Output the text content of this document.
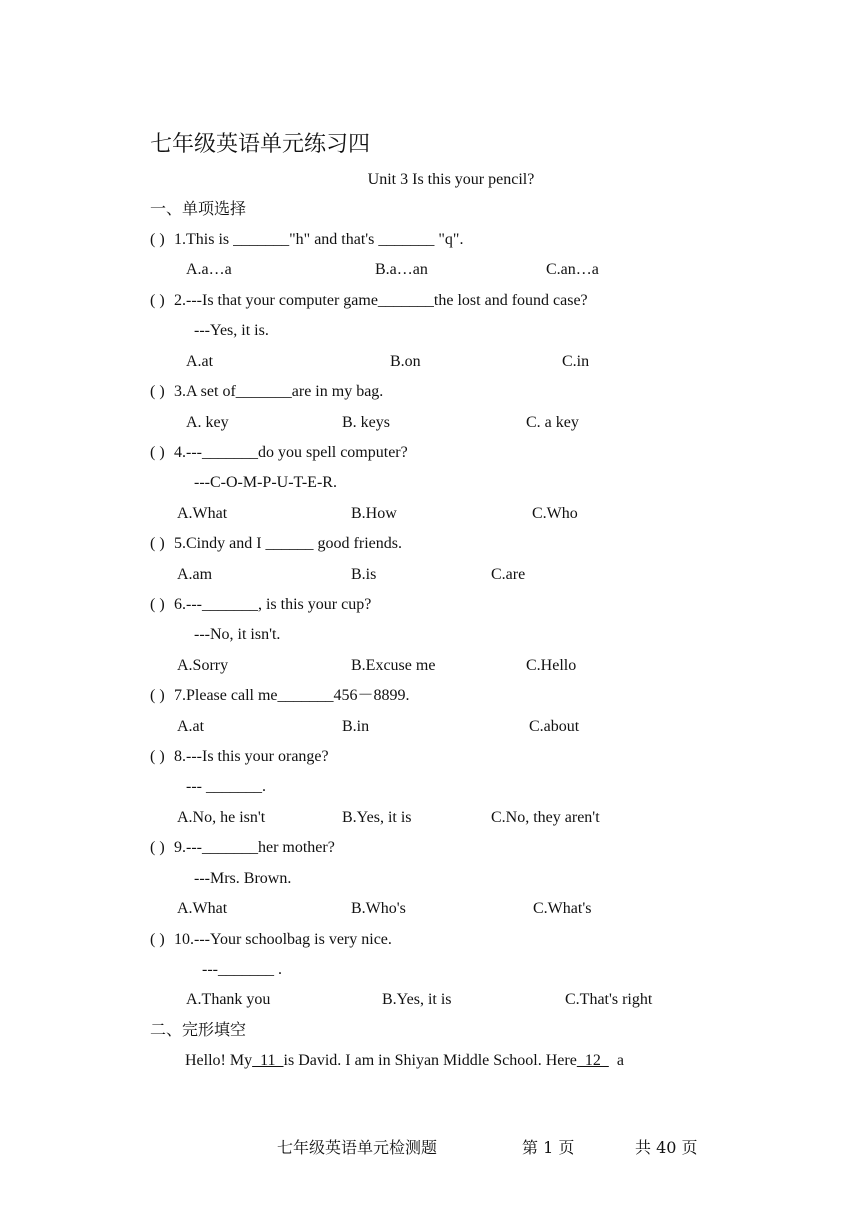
七年级英语单元练习四
Unit 3 Is this your pencil?
一、单项选择
( ) 1.This is _______"h" and that's _______ "q".
A.a…a	B.a…an	C.an…a
( ) 2.---Is that your computer game_______the lost and found case?
---Yes, it is.
A.at	B.on	C.in
( ) 3.A set of_______are in my bag.
A. key	B. keys	C. a key
( ) 4.---_______do you spell computer?
---C-O-M-P-U-T-E-R.
A.What	B.How	C.Who
( ) 5.Cindy and I ______ good friends.
A.am	B.is	C.are
( ) 6.---_______, is this your cup?
---No, it isn't.
A.Sorry	B.Excuse me	C.Hello
( ) 7.Please call me_______456－8899.
A.at	B.in	C.about
( ) 8.---Is this your orange?
--- _______.
A.No, he isn't	B.Yes, it is	C.No, they aren't
( ) 9.---_______her mother?
---Mrs. Brown.
A.What	B.Who's	C.What's
( ) 10.---Your schoolbag is very nice.
---_______ .
A.Thank you	B.Yes, it is	C.That's right
二、完形填空
Hello! My  11  is David. I am in Shiyan Middle School. Here  12    a
七年级英语单元检测题	第 1 页	共 40 页
